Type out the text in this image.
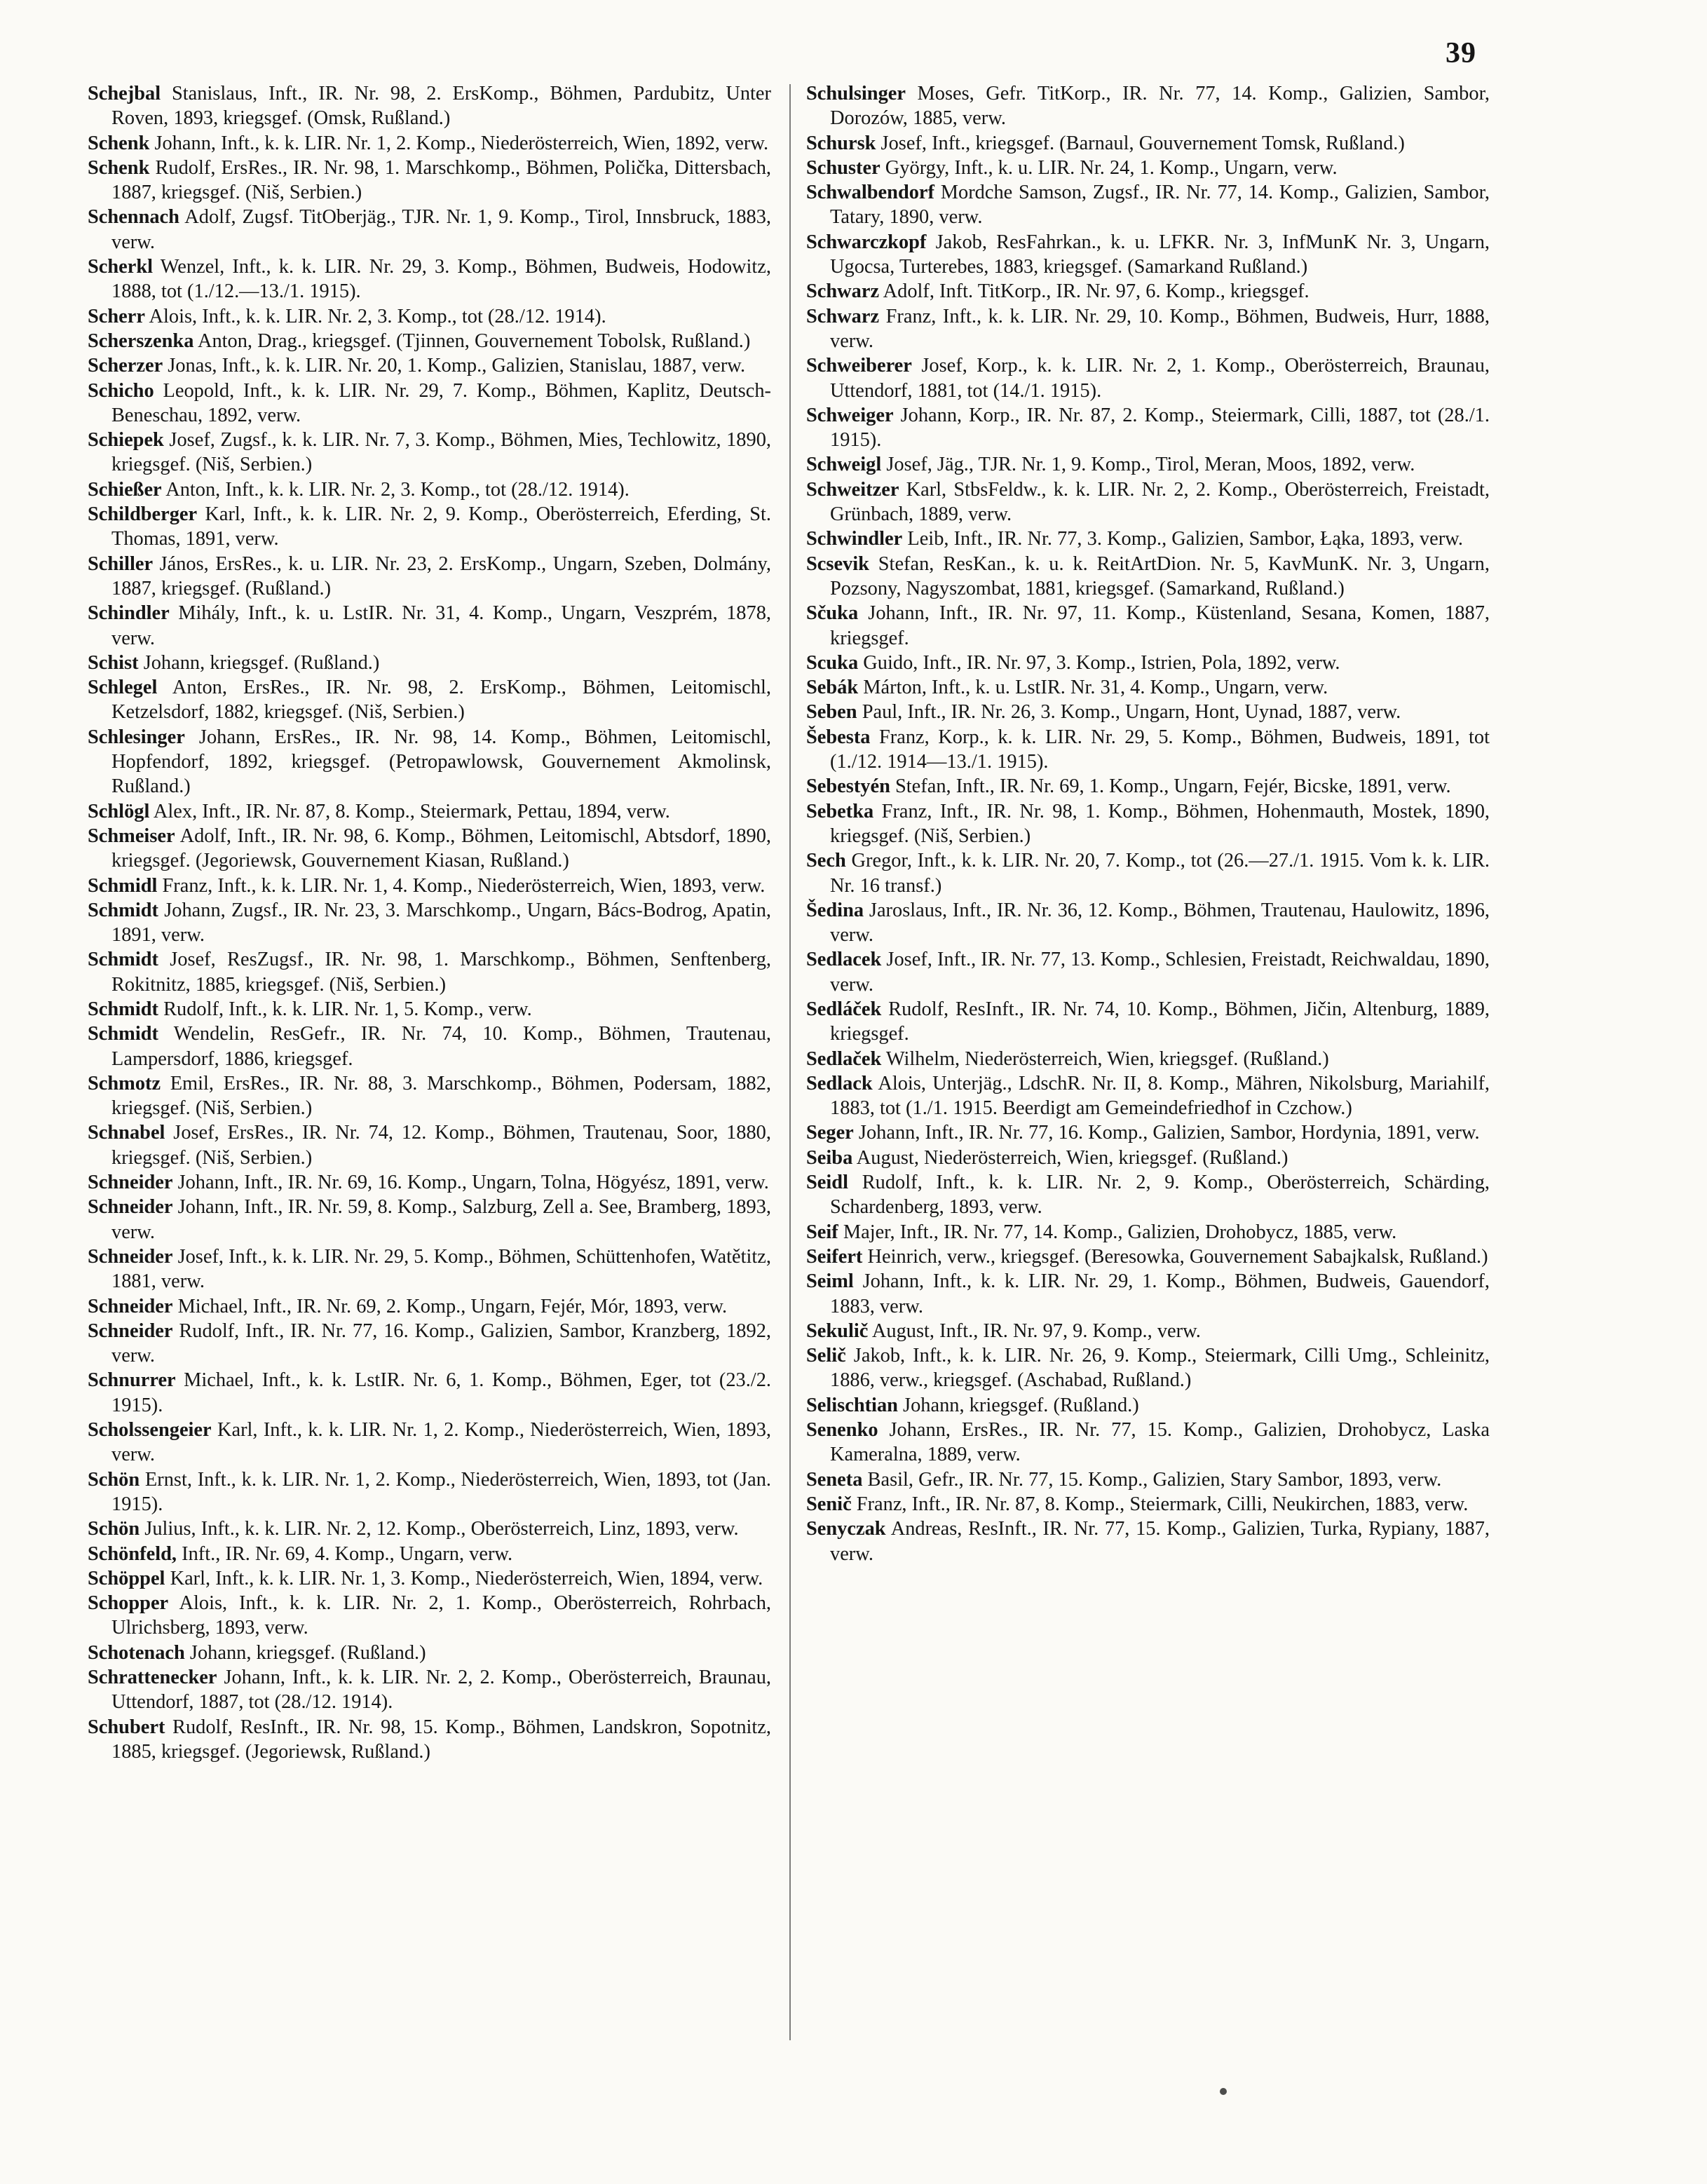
39

Schejbal Stanislaus, Inft., IR. Nr. 98, 2. ErsKomp., Böhmen, Pardubitz, Unter Roven, 1893, kriegsgef. (Omsk, Rußland.)

Schenk Johann, Inft., k. k. LIR. Nr. 1, 2. Komp., Niederösterreich, Wien, 1892, verw.

Schenk Rudolf, ErsRes., IR. Nr. 98, 1. Marschkomp., Böhmen, Polička, Dittersbach, 1887, kriegsgef. (Niš, Serbien.)

Schennach Adolf, Zugsf. TitOberjäg., TJR. Nr. 1, 9. Komp., Tirol, Innsbruck, 1883, verw.

Scherkl Wenzel, Inft., k. k. LIR. Nr. 29, 3. Komp., Böhmen, Budweis, Hodowitz, 1888, tot (1./12.—13./1. 1915).

Scherr Alois, Inft., k. k. LIR. Nr. 2, 3. Komp., tot (28./12. 1914).

Scherszenka Anton, Drag., kriegsgef. (Tjinnen, Gouvernement Tobolsk, Rußland.)

Scherzer Jonas, Inft., k. k. LIR. Nr. 20, 1. Komp., Galizien, Stanislau, 1887, verw.

Schicho Leopold, Inft., k. k. LIR. Nr. 29, 7. Komp., Böhmen, Kaplitz, Deutsch-Beneschau, 1892, verw.

Schiepek Josef, Zugsf., k. k. LIR. Nr. 7, 3. Komp., Böhmen, Mies, Techlowitz, 1890, kriegsgef. (Niš, Serbien.)

Schießer Anton, Inft., k. k. LIR. Nr. 2, 3. Komp., tot (28./12. 1914).

Schildberger Karl, Inft., k. k. LIR. Nr. 2, 9. Komp., Oberösterreich, Eferding, St. Thomas, 1891, verw.

Schiller János, ErsRes., k. u. LIR. Nr. 23, 2. ErsKomp., Ungarn, Szeben, Dolmány, 1887, kriegsgef. (Rußland.)

Schindler Mihály, Inft., k. u. LstIR. Nr. 31, 4. Komp., Ungarn, Veszprém, 1878, verw.

Schist Johann, kriegsgef. (Rußland.)

Schlegel Anton, ErsRes., IR. Nr. 98, 2. ErsKomp., Böhmen, Leitomischl, Ketzelsdorf, 1882, kriegsgef. (Niš, Serbien.)

Schlesinger Johann, ErsRes., IR. Nr. 98, 14. Komp., Böhmen, Leitomischl, Hopfendorf, 1892, kriegsgef. (Petropawlowsk, Gouvernement Akmolinsk, Rußland.)

Schlögl Alex, Inft., IR. Nr. 87, 8. Komp., Steiermark, Pettau, 1894, verw.

Schmeiser Adolf, Inft., IR. Nr. 98, 6. Komp., Böhmen, Leitomischl, Abtsdorf, 1890, kriegsgef. (Jegoriewsk, Gouvernement Kiasan, Rußland.)

Schmidl Franz, Inft., k. k. LIR. Nr. 1, 4. Komp., Niederösterreich, Wien, 1893, verw.

Schmidt Johann, Zugsf., IR. Nr. 23, 3. Marschkomp., Ungarn, Bács-Bodrog, Apatin, 1891, verw.

Schmidt Josef, ResZugsf., IR. Nr. 98, 1. Marschkomp., Böhmen, Senftenberg, Rokitnitz, 1885, kriegsgef. (Niš, Serbien.)

Schmidt Rudolf, Inft., k. k. LIR. Nr. 1, 5. Komp., verw.

Schmidt Wendelin, ResGefr., IR. Nr. 74, 10. Komp., Böhmen, Trautenau, Lampersdorf, 1886, kriegsgef.

Schmotz Emil, ErsRes., IR. Nr. 88, 3. Marschkomp., Böhmen, Podersam, 1882, kriegsgef. (Niš, Serbien.)

Schnabel Josef, ErsRes., IR. Nr. 74, 12. Komp., Böhmen, Trautenau, Soor, 1880, kriegsgef. (Niš, Serbien.)

Schneider Johann, Inft., IR. Nr. 69, 16. Komp., Ungarn, Tolna, Högyész, 1891, verw.

Schneider Johann, Inft., IR. Nr. 59, 8. Komp., Salzburg, Zell a. See, Bramberg, 1893, verw.

Schneider Josef, Inft., k. k. LIR. Nr. 29, 5. Komp., Böhmen, Schüttenhofen, Watětitz, 1881, verw.

Schneider Michael, Inft., IR. Nr. 69, 2. Komp., Ungarn, Fejér, Mór, 1893, verw.

Schneider Rudolf, Inft., IR. Nr. 77, 16. Komp., Galizien, Sambor, Kranzberg, 1892, verw.

Schnurrer Michael, Inft., k. k. LstIR. Nr. 6, 1. Komp., Böhmen, Eger, tot (23./2. 1915).

Scholssengeier Karl, Inft., k. k. LIR. Nr. 1, 2. Komp., Niederösterreich, Wien, 1893, verw.

Schön Ernst, Inft., k. k. LIR. Nr. 1, 2. Komp., Niederösterreich, Wien, 1893, tot (Jan. 1915).

Schön Julius, Inft., k. k. LIR. Nr. 2, 12. Komp., Oberösterreich, Linz, 1893, verw.

Schönfeld, Inft., IR. Nr. 69, 4. Komp., Ungarn, verw.

Schöppel Karl, Inft., k. k. LIR. Nr. 1, 3. Komp., Niederösterreich, Wien, 1894, verw.

Schopper Alois, Inft., k. k. LIR. Nr. 2, 1. Komp., Oberösterreich, Rohrbach, Ulrichsberg, 1893, verw.

Schotenach Johann, kriegsgef. (Rußland.)

Schrattenecker Johann, Inft., k. k. LIR. Nr. 2, 2. Komp., Oberösterreich, Braunau, Uttendorf, 1887, tot (28./12. 1914).

Schubert Rudolf, ResInft., IR. Nr. 98, 15. Komp., Böhmen, Landskron, Sopotnitz, 1885, kriegsgef. (Jegoriewsk, Rußland.)

Schulsinger Moses, Gefr. TitKorp., IR. Nr. 77, 14. Komp., Galizien, Sambor, Dorozów, 1885, verw.

Schursk Josef, Inft., kriegsgef. (Barnaul, Gouvernement Tomsk, Rußland.)

Schuster György, Inft., k. u. LIR. Nr. 24, 1. Komp., Ungarn, verw.

Schwalbendorf Mordche Samson, Zugsf., IR. Nr. 77, 14. Komp., Galizien, Sambor, Tatary, 1890, verw.

Schwarczkopf Jakob, ResFahrkan., k. u. LFKR. Nr. 3, InfMunK Nr. 3, Ungarn, Ugocsa, Turterebes, 1883, kriegsgef. (Samarkand Rußland.)

Schwarz Adolf, Inft. TitKorp., IR. Nr. 97, 6. Komp., kriegsgef.

Schwarz Franz, Inft., k. k. LIR. Nr. 29, 10. Komp., Böhmen, Budweis, Hurr, 1888, verw.

Schweiberer Josef, Korp., k. k. LIR. Nr. 2, 1. Komp., Oberösterreich, Braunau, Uttendorf, 1881, tot (14./1. 1915).

Schweiger Johann, Korp., IR. Nr. 87, 2. Komp., Steiermark, Cilli, 1887, tot (28./1. 1915).

Schweigl Josef, Jäg., TJR. Nr. 1, 9. Komp., Tirol, Meran, Moos, 1892, verw.

Schweitzer Karl, StbsFeldw., k. k. LIR. Nr. 2, 2. Komp., Oberösterreich, Freistadt, Grünbach, 1889, verw.

Schwindler Leib, Inft., IR. Nr. 77, 3. Komp., Galizien, Sambor, Łąka, 1893, verw.

Scsevik Stefan, ResKan., k. u. k. ReitArtDion. Nr. 5, KavMunK. Nr. 3, Ungarn, Pozsony, Nagyszombat, 1881, kriegsgef. (Samarkand, Rußland.)

Sčuka Johann, Inft., IR. Nr. 97, 11. Komp., Küstenland, Sesana, Komen, 1887, kriegsgef.

Scuka Guido, Inft., IR. Nr. 97, 3. Komp., Istrien, Pola, 1892, verw.

Sebák Márton, Inft., k. u. LstIR. Nr. 31, 4. Komp., Ungarn, verw.

Seben Paul, Inft., IR. Nr. 26, 3. Komp., Ungarn, Hont, Uynad, 1887, verw.

Šebesta Franz, Korp., k. k. LIR. Nr. 29, 5. Komp., Böhmen, Budweis, 1891, tot (1./12. 1914—13./1. 1915).

Sebestyén Stefan, Inft., IR. Nr. 69, 1. Komp., Ungarn, Fejér, Bicske, 1891, verw.

Sebetka Franz, Inft., IR. Nr. 98, 1. Komp., Böhmen, Hohenmauth, Mostek, 1890, kriegsgef. (Niš, Serbien.)

Sech Gregor, Inft., k. k. LIR. Nr. 20, 7. Komp., tot (26.—27./1. 1915. Vom k. k. LIR. Nr. 16 transf.)

Šedina Jaroslaus, Inft., IR. Nr. 36, 12. Komp., Böhmen, Trautenau, Haulowitz, 1896, verw.

Sedlacek Josef, Inft., IR. Nr. 77, 13. Komp., Schlesien, Freistadt, Reichwaldau, 1890, verw.

Sedláček Rudolf, ResInft., IR. Nr. 74, 10. Komp., Böhmen, Jičin, Altenburg, 1889, kriegsgef.

Sedlaček Wilhelm, Niederösterreich, Wien, kriegsgef. (Rußland.)

Sedlack Alois, Unterjäg., LdschR. Nr. II, 8. Komp., Mähren, Nikolsburg, Mariahilf, 1883, tot (1./1. 1915. Beerdigt am Gemeindefriedhof in Czchow.)

Seger Johann, Inft., IR. Nr. 77, 16. Komp., Galizien, Sambor, Hordynia, 1891, verw.

Seiba August, Niederösterreich, Wien, kriegsgef. (Rußland.)

Seidl Rudolf, Inft., k. k. LIR. Nr. 2, 9. Komp., Oberösterreich, Schärding, Schardenberg, 1893, verw.

Seif Majer, Inft., IR. Nr. 77, 14. Komp., Galizien, Drohobycz, 1885, verw.

Seifert Heinrich, verw., kriegsgef. (Beresowka, Gouvernement Sabajkalsk, Rußland.)

Seiml Johann, Inft., k. k. LIR. Nr. 29, 1. Komp., Böhmen, Budweis, Gauendorf, 1883, verw.

Sekulič August, Inft., IR. Nr. 97, 9. Komp., verw.

Selič Jakob, Inft., k. k. LIR. Nr. 26, 9. Komp., Steiermark, Cilli Umg., Schleinitz, 1886, verw., kriegsgef. (Aschabad, Rußland.)

Selischtian Johann, kriegsgef. (Rußland.)

Senenko Johann, ErsRes., IR. Nr. 77, 15. Komp., Galizien, Drohobycz, Laska Kameralna, 1889, verw.

Seneta Basil, Gefr., IR. Nr. 77, 15. Komp., Galizien, Stary Sambor, 1893, verw.

Senič Franz, Inft., IR. Nr. 87, 8. Komp., Steiermark, Cilli, Neukirchen, 1883, verw.

Senyczak Andreas, ResInft., IR. Nr. 77, 15. Komp., Galizien, Turka, Rypiany, 1887, verw.
